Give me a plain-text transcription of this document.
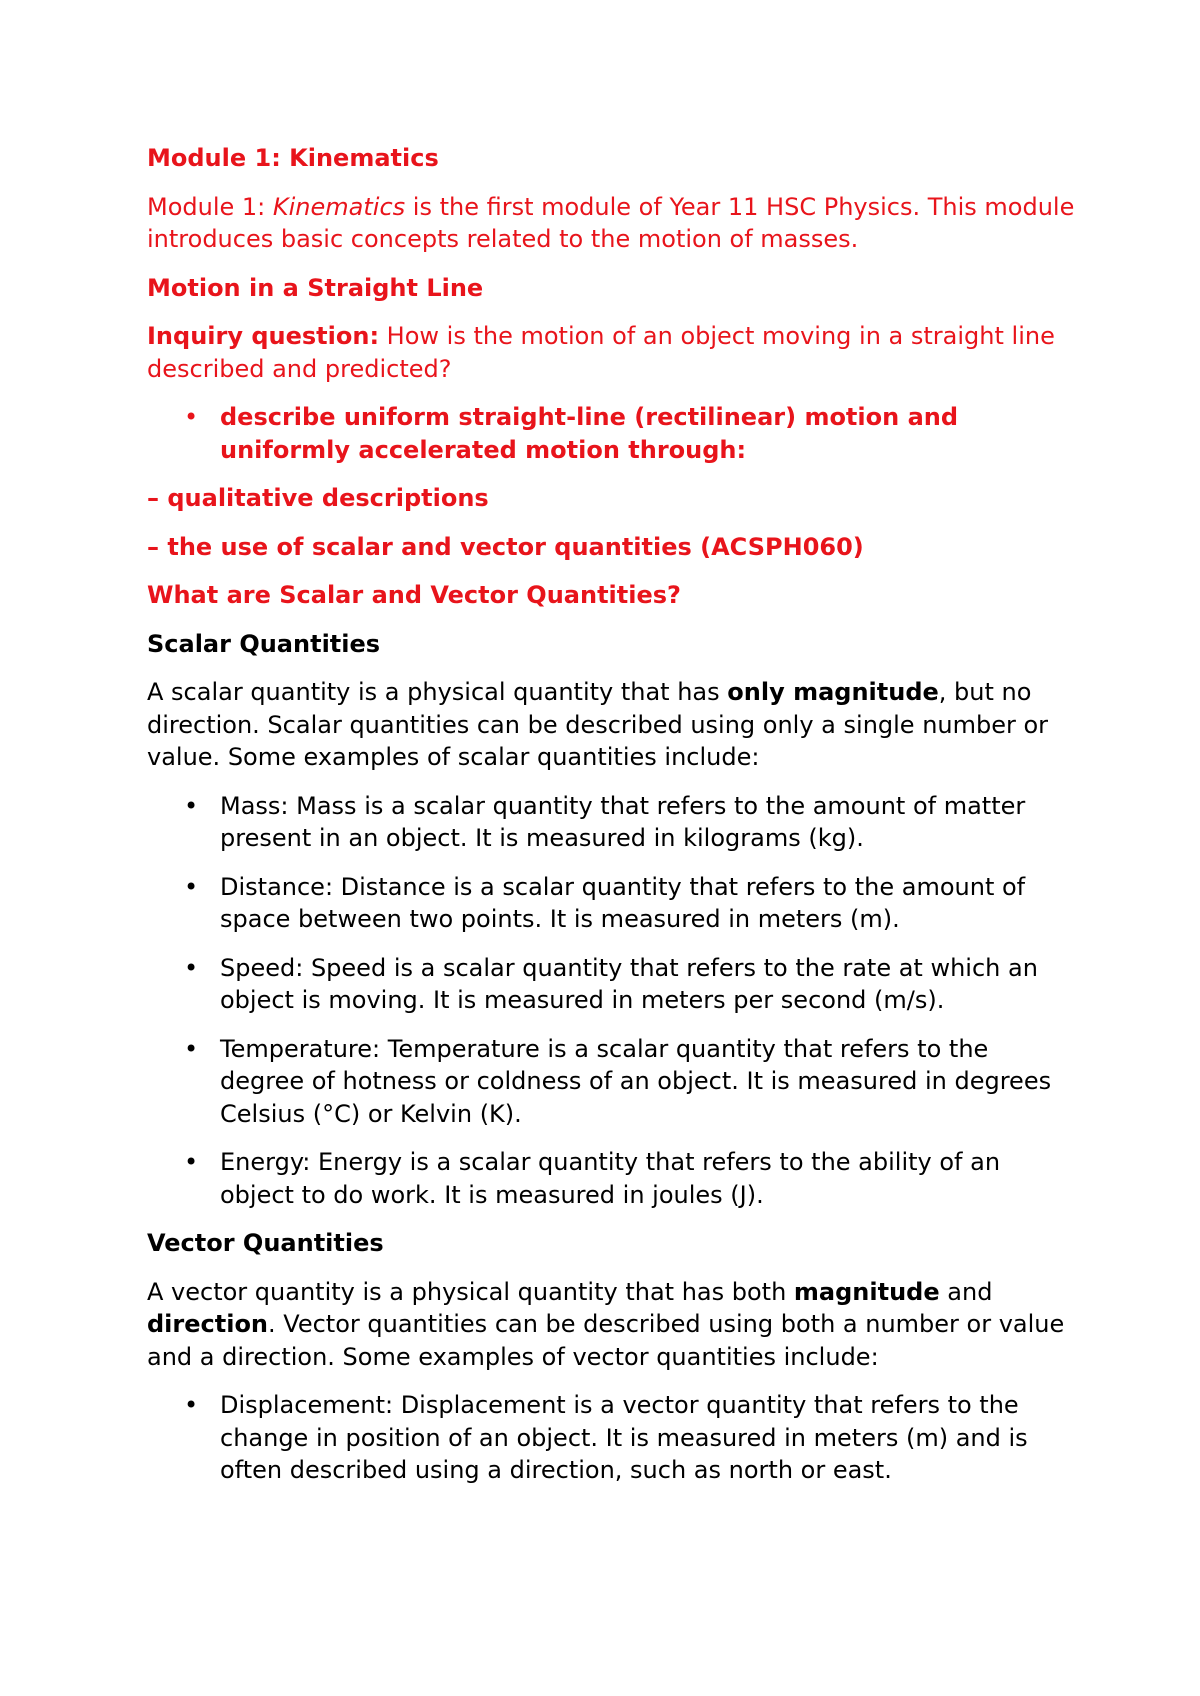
Module 1: Kinematics

Module 1: Kinematics is the first module of Year 11 HSC Physics. This module introduces basic concepts related to the motion of masses.

Motion in a Straight Line

Inquiry question: How is the motion of an object moving in a straight line described and predicted?

• describe uniform straight-line (rectilinear) motion and uniformly accelerated motion through:

– qualitative descriptions

– the use of scalar and vector quantities (ACSPH060)

What are Scalar and Vector Quantities?
Scalar Quantities

A scalar quantity is a physical quantity that has only magnitude, but no direction. Scalar quantities can be described using only a single number or value. Some examples of scalar quantities include:

• Mass: Mass is a scalar quantity that refers to the amount of matter present in an object. It is measured in kilograms (kg).
• Distance: Distance is a scalar quantity that refers to the amount of space between two points. It is measured in meters (m).
• Speed: Speed is a scalar quantity that refers to the rate at which an object is moving. It is measured in meters per second (m/s).
• Temperature: Temperature is a scalar quantity that refers to the degree of hotness or coldness of an object. It is measured in degrees Celsius (°C) or Kelvin (K).
• Energy: Energy is a scalar quantity that refers to the ability of an object to do work. It is measured in joules (J).
Vector Quantities

A vector quantity is a physical quantity that has both magnitude and direction. Vector quantities can be described using both a number or value and a direction. Some examples of vector quantities include:

• Displacement: Displacement is a vector quantity that refers to the change in position of an object. It is measured in meters (m) and is often described using a direction, such as north or east.
